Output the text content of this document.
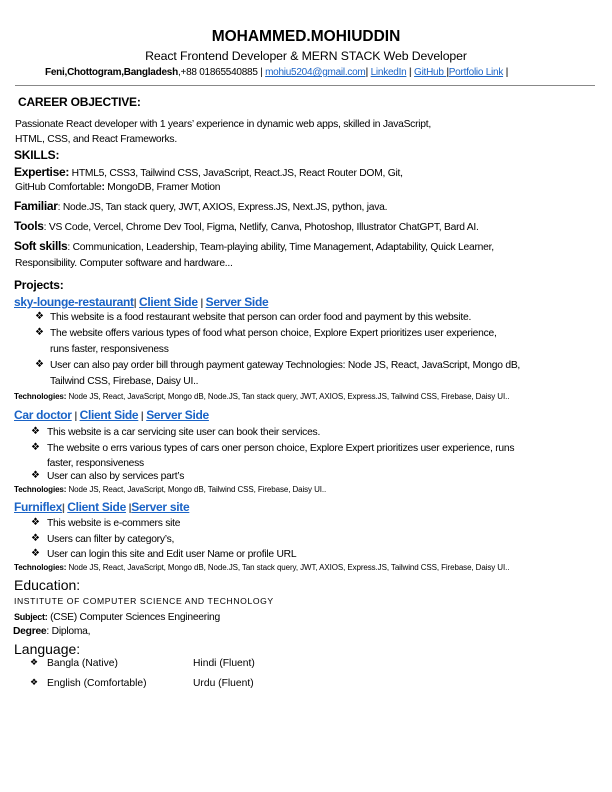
MOHAMMED.MOHIUDDIN
React Frontend Developer & MERN STACK Web Developer
Feni,Chottogram,Bangladesh,+88 01865540885 | mohiu5204@gmail.com| LinkedIn | GitHub |Portfolio Link |
CAREER OBJECTIVE:
Passionate React developer with 1 years’ experience in dynamic web apps, skilled in JavaScript,
HTML, CSS, and React Frameworks.
SKILLS:
Expertise: HTML5, CSS3, Tailwind CSS, JavaScript, React.JS, React Router DOM, Git,
GitHub Comfortable: MongoDB, Framer Motion
Familiar: Node.JS, Tan stack query, JWT, AXIOS, Express.JS, Next.JS, python, java.
Tools: VS Code, Vercel, Chrome Dev Tool, Figma, Netlify, Canva, Photoshop, Illustrator ChatGPT, Bard AI.
Soft skills: Communication, Leadership, Team-playing ability, Time Management, Adaptability, Quick Learner,
Responsibility. Computer software and hardware...
Projects:
sky-lounge-restaurant| Client Side | Server Side
❖ This website is a food restaurant website that person can order food and payment by this website.
❖ The website offers various types of food what person choice, Explore Expert prioritizes user experience,
runs faster, responsiveness
❖ User can also pay order bill through payment gateway Technologies: Node JS, React, JavaScript, Mongo dB,
Tailwind CSS, Firebase, Daisy UI..
Technologies: Node JS, React, JavaScript, Mongo dB, Node.JS, Tan stack query, JWT, AXIOS, Express.JS, Tailwind CSS, Firebase, Daisy UI..
Car doctor | Client Side | Server Side
❖ This website is a car servicing site user can book their services.
❖ The website o errs various types of cars oner person choice, Explore Expert prioritizes user experience, runs
faster, responsiveness
❖ User can also by services part’s
Technologies: Node JS, React, JavaScript, Mongo dB, Tailwind CSS, Firebase, Daisy UI..
Furniflex| Client Side |Server site
❖ This website is e-commers site
❖ Users can filter by category’s,
❖ User can login this site and Edit user Name or profile URL
Technologies: Node JS, React, JavaScript, Mongo dB, Node.JS, Tan stack query, JWT, AXIOS, Express.JS, Tailwind CSS, Firebase, Daisy UI..
Education:
INSTITUTE OF COMPUTER SCIENCE AND TECHNOLOGY
Subject: (CSE) Computer Sciences Engineering
Degree: Diploma,
Language:
❖ Bangla (Native)	Hindi (Fluent)
❖ English (Comfortable)	Urdu (Fluent)
